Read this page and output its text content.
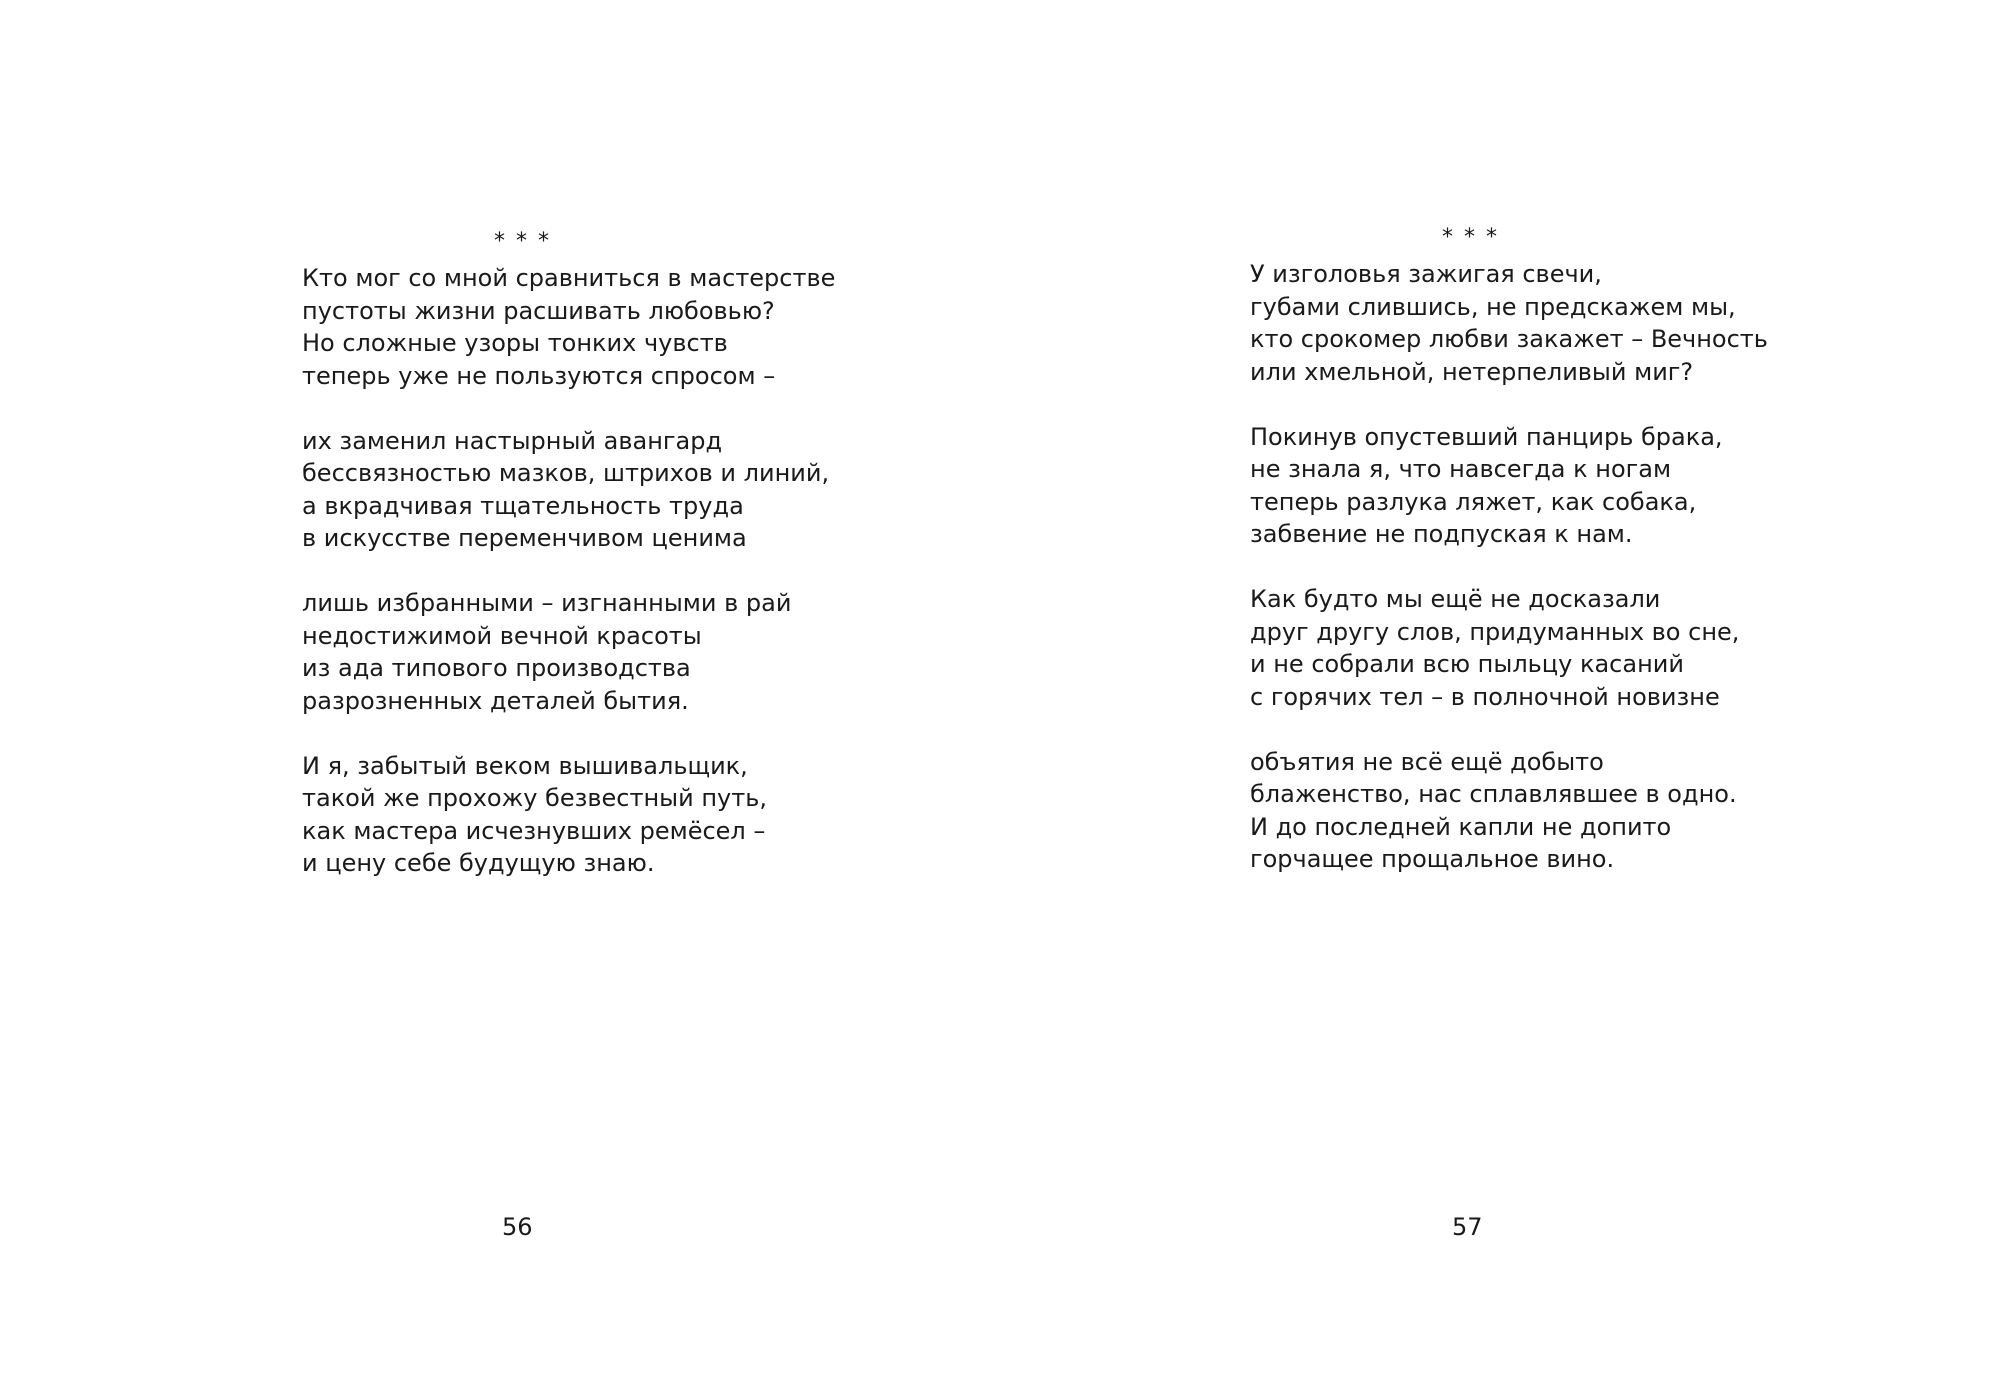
* * *
Кто мог со мной сравниться в мастерстве
пустоты жизни расшивать любовью?
Но сложные узоры тонких чувств
теперь уже не пользуются спросом –
их заменил настырный авангард
бессвязностью мазков, штрихов и линий,
а вкрадчивая тщательность труда
в искусстве переменчивом ценима
лишь избранными – изгнанными в рай
недостижимой вечной красоты
из ада типового производства
разрозненных деталей бытия.
И я, забытый веком вышивальщик,
такой же прохожу безвестный путь,
как мастера исчезнувших ремёсел –
и цену себе будущую знаю.
56
* * *
У изголовья зажигая свечи,
губами слившись, не предскажем мы,
кто срокомер любви закажет – Вечность
или хмельной, нетерпеливый миг?
Покинув опустевший панцирь брака,
не знала я, что навсегда к ногам
теперь разлука ляжет, как собака,
забвение не подпуская к нам.
Как будто мы ещё не досказали
друг другу слов, придуманных во сне,
и не собрали всю пыльцу касаний
с горячих тел – в полночной новизне
объятия не всё ещё добыто
блаженство, нас сплавлявшее в одно.
И до последней капли не допито
горчащее прощальное вино.
57
